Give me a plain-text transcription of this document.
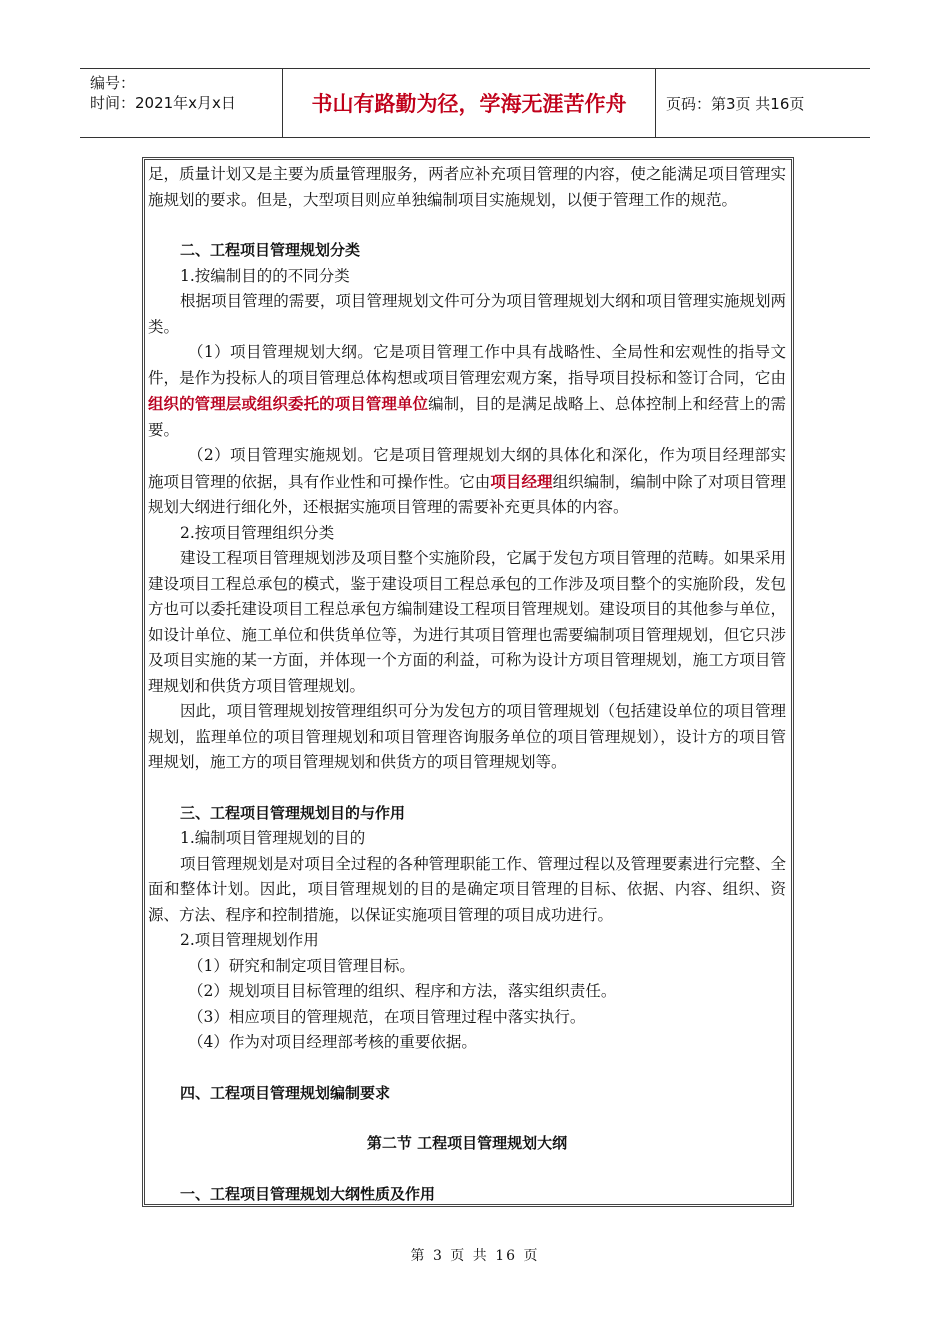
编号：
时间：2021年x月x日	书山有路勤为径，学海无涯苦作舟	页码：第3页 共16页

足，质量计划又是主要为质量管理服务，两者应补充项目管理的内容，使之能满足项目管理实施规划的要求。但是，大型项目则应单独编制项目实施规划，以便于管理工作的规范。

二、工程项目管理规划分类

1.按编制目的的不同分类

根据项目管理的需要，项目管理规划文件可分为项目管理规划大纲和项目管理实施规划两类。

（1）项目管理规划大纲。它是项目管理工作中具有战略性、全局性和宏观性的指导文件，是作为投标人的项目管理总体构想或项目管理宏观方案，指导项目投标和签订合同，它由组织的管理层或组织委托的项目管理单位编制，目的是满足战略上、总体控制上和经营上的需要。

（2）项目管理实施规划。它是项目管理规划大纲的具体化和深化，作为项目经理部实施项目管理的依据，具有作业性和可操作性。它由项目经理组织编制，编制中除了对项目管理规划大纲进行细化外，还根据实施项目管理的需要补充更具体的内容。

2.按项目管理组织分类

建设工程项目管理规划涉及项目整个实施阶段，它属于发包方项目管理的范畴。如果采用建设项目工程总承包的模式，鉴于建设项目工程总承包的工作涉及项目整个的实施阶段，发包方也可以委托建设项目工程总承包方编制建设工程项目管理规划。建设项目的其他参与单位，如设计单位、施工单位和供货单位等，为进行其项目管理也需要编制项目管理规划，但它只涉及项目实施的某一方面，并体现一个方面的利益，可称为设计方项目管理规划，施工方项目管理规划和供货方项目管理规划。

因此，项目管理规划按管理组织可分为发包方的项目管理规划（包括建设单位的项目管理规划，监理单位的项目管理规划和项目管理咨询服务单位的项目管理规划），设计方的项目管理规划，施工方的项目管理规划和供货方的项目管理规划等。

三、工程项目管理规划目的与作用

1.编制项目管理规划的目的

项目管理规划是对项目全过程的各种管理职能工作、管理过程以及管理要素进行完整、全面和整体计划。因此，项目管理规划的目的是确定项目管理的目标、依据、内容、组织、资源、方法、程序和控制措施，以保证实施项目管理的项目成功进行。

2.项目管理规划作用

（1）研究和制定项目管理目标。

（2）规划项目目标管理的组织、程序和方法，落实组织责任。

（3）相应项目的管理规范，在项目管理过程中落实执行。

（4）作为对项目经理部考核的重要依据。

四、工程项目管理规划编制要求

第二节 工程项目管理规划大纲

一、工程项目管理规划大纲性质及作用

第 3 页 共 16 页
